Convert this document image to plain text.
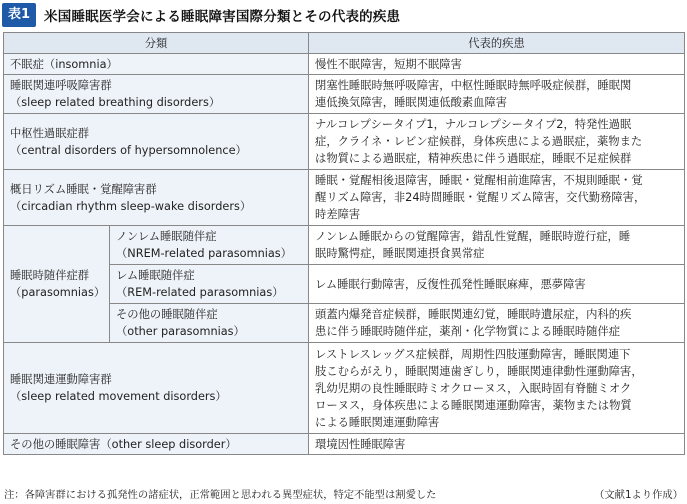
表1	米国睡眠医学会による睡眠障害国際分類とその代表的疾患
分類		代表的疾患

不眠症（insomnia）		慢性不眠障害，短期不眠障害

睡眠関連呼吸障害群
（sleep related breathing disorders）		閉塞性睡眠時無呼吸障害，中枢性睡眠時無呼吸症候群，睡眠関
連低換気障害，睡眠関連低酸素血障害

中枢性過眠症群
（central disorders of hypersomnolence）		ナルコレプシータイプ1，ナルコレプシータイプ2，特発性過眠
症，クライネ・レビン症候群，身体疾患による過眠症，薬物また
は物質による過眠症，精神疾患に伴う過眠症，睡眠不足症候群

概日リズム睡眠・覚醒障害群
（circadian rhythm sleep-wake disorders）		睡眠・覚醒相後退障害，睡眠・覚醒相前進障害，不規則睡眠・覚
醒リズム障害，非24時間睡眠・覚醒リズム障害，交代勤務障害，
時差障害

睡眠時随伴症群
（parasomnias）	ノンレム睡眠随伴症
（NREM-related parasomnias）	ノンレム睡眠からの覚醒障害，錯乱性覚醒，睡眠時遊行症，睡
眠時驚愕症，睡眠関連摂食異常症

	レム睡眠随伴症
（REM-related parasomnias）	レム睡眠行動障害，反復性孤発性睡眠麻痺，悪夢障害

	その他の睡眠随伴症
（other parasomnias）	頭蓋内爆発音症候群，睡眠関連幻覚，睡眠時遺尿症，内科的疾
患に伴う睡眠時随伴症，薬剤・化学物質による睡眠時随伴症

睡眠関連運動障害群
（sleep related movement disorders）		レストレスレッグス症候群，周期性四肢運動障害，睡眠関連下
肢こむらがえり，睡眠関連歯ぎしり，睡眠関連律動性運動障害，
乳幼児期の良性睡眠時ミオクローヌス，入眠時固有脊髄ミオク
ローヌス，身体疾患による睡眠関連運動障害，薬物または物質
による睡眠関連運動障害

その他の睡眠障害（other sleep disorder）		環境因性睡眠障害
注：各障害群における孤発性の諸症状，正常範囲と思われる異型症状，特定不能型は割愛した	（文献1より作成）
